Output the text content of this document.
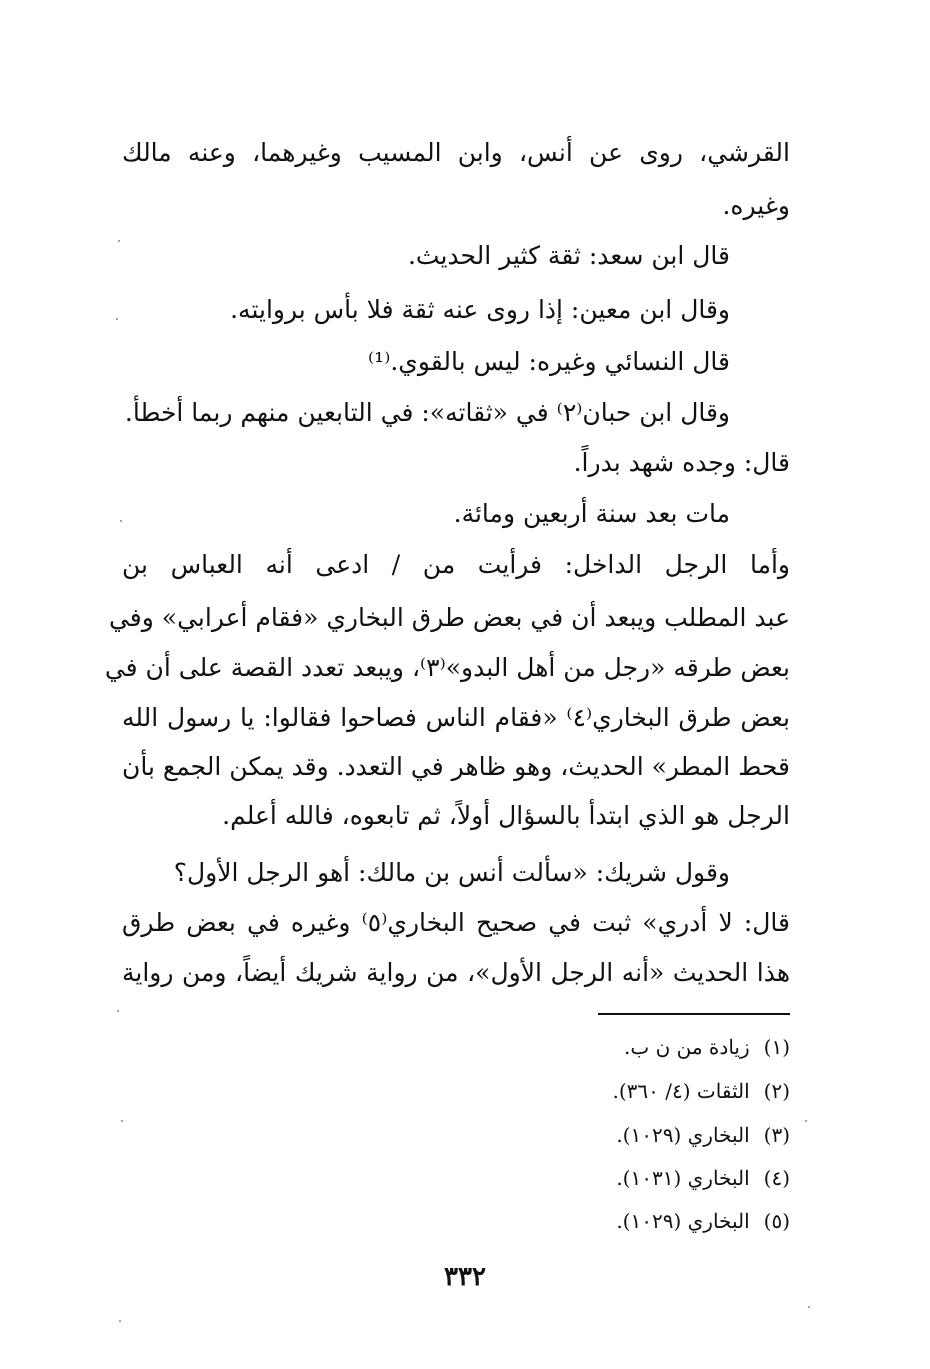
القرشي، روى عن أنس، وابن المسيب وغيرهما، وعنه مالك
وغيره.
قال ابن سعد: ثقة كثير الحديث.
وقال ابن معين: إذا روى عنه ثقة فلا بأس بروايته.
قال النسائي وغيره: ليس بالقوي.⁽¹⁾
وقال ابن حبان⁽٢⁾ في «ثقاته»: في التابعين منهم ربما أخطأ.
قال: وجده شهد بدراً.
مات بعد سنة أربعين ومائة.
وأما الرجل الداخل: فرأيت من / ادعى أنه العباس بن
عبد المطلب ويبعد أن في بعض طرق البخاري «فقام أعرابي» وفي
بعض طرقه «رجل من أهل البدو»⁽٣⁾، ويبعد تعدد القصة على أن في
بعض طرق البخاري⁽٤⁾ «فقام الناس فصاحوا فقالوا: يا رسول الله
قحط المطر» الحديث، وهو ظاهر في التعدد. وقد يمكن الجمع بأن
الرجل هو الذي ابتدأ بالسؤال أولاً، ثم تابعوه، فالله أعلم.
وقول شريك: «سألت أنس بن مالك: أهو الرجل الأول؟
قال: لا أدري» ثبت في صحيح البخاري⁽٥⁾ وغيره في بعض طرق
هذا الحديث «أنه الرجل الأول»، من رواية شريك أيضاً، ومن رواية
(١) زيادة من ن ب.
(٢) الثقات (٤/ ٣٦٠).
(٣) البخاري (١٠٢٩).
(٤) البخاري (١٠٣١).
(٥) البخاري (١٠٢٩).
٣٣٢
